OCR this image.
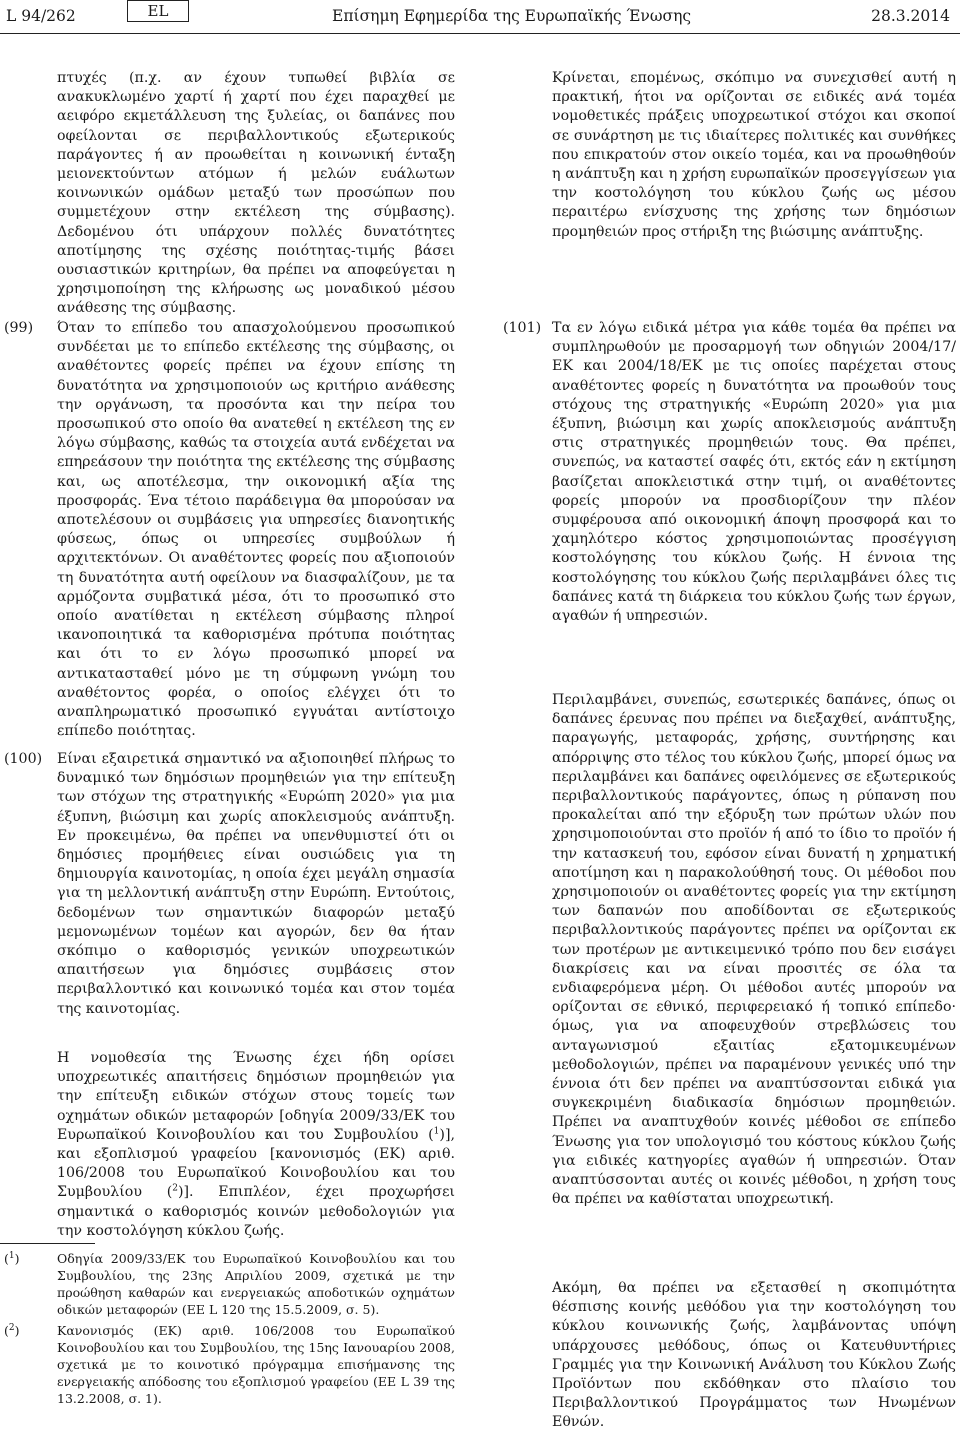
L 94/262	EL	Επίσημη Εφημερίδα της Ευρωπαϊκής Ένωσης	28.3.2014

πτυχές (π.χ. αν έχουν τυπωθεί βιβλία σε ανακυκλωμένο χαρτί ή χαρτί που έχει παραχθεί με αειφόρο εκμετάλλευση της ξυλείας, οι δαπάνες που οφείλονται σε περιβαλλοντικούς εξωτερικούς παράγοντες ή αν προωθείται η κοινωνική ένταξη μειονεκτούντων ατόμων ή μελών ευάλωτων κοινωνικών ομάδων μεταξύ των προσώπων που συμμετέχουν στην εκτέλεση της σύμβασης). Δεδομένου ότι υπάρχουν πολλές δυνατότητες αποτίμησης της σχέσης ποιότητας-τιμής βάσει ουσιαστικών κριτηρίων, θα πρέπει να αποφεύγεται η χρησιμοποίηση της κλήρωσης ως μοναδικού μέσου ανάθεσης της σύμβασης.

Κρίνεται, επομένως, σκόπιμο να συνεχισθεί αυτή η πρακτική, ήτοι να ορίζονται σε ειδικές ανά τομέα νομοθετικές πράξεις υποχρεωτικοί στόχοι και σκοποί σε συνάρτηση με τις ιδιαίτερες πολιτικές και συνθήκες που επικρατούν στον οικείο τομέα, και να προωθηθούν η ανάπτυξη και η χρήση ευρωπαϊκών προσεγγίσεων για την κοστολόγηση του κύκλου ζωής ως μέσου περαιτέρω ενίσχυσης της χρήσης των δημόσιων προμηθειών προς στήριξη της βιώσιμης ανάπτυξης.

(99) Όταν το επίπεδο του απασχολούμενου προσωπικού συνδέεται με το επίπεδο εκτέλεσης της σύμβασης, οι αναθέτοντες φορείς πρέπει να έχουν επίσης τη δυνατότητα να χρησιμοποιούν ως κριτήριο ανάθεσης την οργάνωση, τα προσόντα και την πείρα του προσωπικού στο οποίο θα ανατεθεί η εκτέλεση της εν λόγω σύμβασης, καθώς τα στοιχεία αυτά ενδέχεται να επηρεάσουν την ποιότητα της εκτέλεσης της σύμβασης και, ως αποτέλεσμα, την οικονομική αξία της προσφοράς. Ένα τέτοιο παράδειγμα θα μπορούσαν να αποτελέσουν οι συμβάσεις για υπηρεσίες διανοητικής φύσεως, όπως οι υπηρεσίες συμβούλων ή αρχιτεκτόνων. Οι αναθέτοντες φορείς που αξιοποιούν τη δυνατότητα αυτή οφείλουν να διασφαλίζουν, με τα αρμόζοντα συμβατικά μέσα, ότι το προσωπικό στο οποίο ανατίθεται η εκτέλεση σύμβασης πληροί ικανοποιητικά τα καθορισμένα πρότυπα ποιότητας και ότι το εν λόγω προσωπικό μπορεί να αντικατασταθεί μόνο με τη σύμφωνη γνώμη του αναθέτοντος φορέα, ο οποίος ελέγχει ότι το αναπληρωματικό προσωπικό εγγυάται αντίστοιχο επίπεδο ποιότητας.

(100) Είναι εξαιρετικά σημαντικό να αξιοποιηθεί πλήρως το δυναμικό των δημόσιων προμηθειών για την επίτευξη των στόχων της στρατηγικής «Ευρώπη 2020» για μια έξυπνη, βιώσιμη και χωρίς αποκλεισμούς ανάπτυξη. Εν προκειμένω, θα πρέπει να υπενθυμιστεί ότι οι δημόσιες προμήθειες είναι ουσιώδεις για τη δημιουργία καινοτομίας, η οποία έχει μεγάλη σημασία για τη μελλοντική ανάπτυξη στην Ευρώπη. Εντούτοις, δεδομένων των σημαντικών διαφορών μεταξύ μεμονωμένων τομέων και αγορών, δεν θα ήταν σκόπιμο ο καθορισμός γενικών υποχρεωτικών απαιτήσεων για δημόσιες συμβάσεις στον περιβαλλοντικό και κοινωνικό τομέα και στον τομέα της καινοτομίας.

Η νομοθεσία της Ένωσης έχει ήδη ορίσει υποχρεωτικές απαιτήσεις δημόσιων προμηθειών για την επίτευξη ειδικών στόχων στους τομείς των οχημάτων οδικών μεταφορών [οδηγία 2009/33/ΕΚ του Ευρωπαϊκού Κοινοβουλίου και του Συμβουλίου ($^1$)], και εξοπλισμού γραφείου [κανονισμός (ΕΚ) αριθ. 106/2008 του Ευρωπαϊκού Κοινοβουλίου και του Συμβουλίου ($^2$)]. Επιπλέον, έχει προχωρήσει σημαντικά ο καθορισμός κοινών μεθοδολογιών για την κοστολόγηση κύκλου ζωής.

(101) Τα εν λόγω ειδικά μέτρα για κάθε τομέα θα πρέπει να συμπληρωθούν με προσαρμογή των οδηγιών 2004/17/ΕΚ και 2004/18/ΕΚ με τις οποίες παρέχεται στους αναθέτοντες φορείς η δυνατότητα να προωθούν τους στόχους της στρατηγικής «Ευρώπη 2020» για μια έξυπνη, βιώσιμη και χωρίς αποκλεισμούς ανάπτυξη στις στρατηγικές προμηθειών τους. Θα πρέπει, συνεπώς, να καταστεί σαφές ότι, εκτός εάν η εκτίμηση βασίζεται αποκλειστικά στην τιμή, οι αναθέτοντες φορείς μπορούν να προσδιορίζουν την πλέον συμφέρουσα από οικονομική άποψη προσφορά και το χαμηλότερο κόστος χρησιμοποιώντας προσέγγιση κοστολόγησης του κύκλου ζωής. Η έννοια της κοστολόγησης του κύκλου ζωής περιλαμβάνει όλες τις δαπάνες κατά τη διάρκεια του κύκλου ζωής των έργων, αγαθών ή υπηρεσιών.

Περιλαμβάνει, συνεπώς, εσωτερικές δαπάνες, όπως οι δαπάνες έρευνας που πρέπει να διεξαχθεί, ανάπτυξης, παραγωγής, μεταφοράς, χρήσης, συντήρησης και απόρριψης στο τέλος του κύκλου ζωής, μπορεί όμως να περιλαμβάνει και δαπάνες οφειλόμενες σε εξωτερικούς περιβαλλοντικούς παράγοντες, όπως η ρύπανση που προκαλείται από την εξόρυξη των πρώτων υλών που χρησιμοποιούνται στο προϊόν ή από το ίδιο το προϊόν ή την κατασκευή του, εφόσον είναι δυνατή η χρηματική αποτίμηση και η παρακολούθησή τους. Οι μέθοδοι που χρησιμοποιούν οι αναθέτοντες φορείς για την εκτίμηση των δαπανών που αποδίδονται σε εξωτερικούς περιβαλλοντικούς παράγοντες πρέπει να ορίζονται εκ των προτέρων με αντικειμενικό τρόπο που δεν εισάγει διακρίσεις και να είναι προσιτές σε όλα τα ενδιαφερόμενα μέρη. Οι μέθοδοι αυτές μπορούν να ορίζονται σε εθνικό, περιφερειακό ή τοπικό επίπεδο· όμως, για να αποφευχθούν στρεβλώσεις του ανταγωνισμού εξαιτίας εξατομικευμένων μεθοδολογιών, πρέπει να παραμένουν γενικές υπό την έννοια ότι δεν πρέπει να αναπτύσσονται ειδικά για συγκεκριμένη διαδικασία δημόσιων προμηθειών. Πρέπει να αναπτυχθούν κοινές μέθοδοι σε επίπεδο Ένωσης για τον υπολογισμό του κόστους κύκλου ζωής για ειδικές κατηγορίες αγαθών ή υπηρεσιών. Όταν αναπτύσσονται αυτές οι κοινές μέθοδοι, η χρήση τους θα πρέπει να καθίσταται υποχρεωτική.

Ακόμη, θα πρέπει να εξετασθεί η σκοπιμότητα θέσπισης κοινής μεθόδου για την κοστολόγηση του κύκλου κοινωνικής ζωής, λαμβάνοντας υπόψη υπάρχουσες μεθόδους, όπως οι Κατευθυντήριες Γραμμές για την Κοινωνική Ανάλυση του Κύκλου Ζωής Προϊόντων που εκδόθηκαν στο πλαίσιο του Περιβαλλοντικού Προγράμματος των Ηνωμένων Εθνών.

($^1$)	Οδηγία 2009/33/ΕΚ του Ευρωπαϊκού Κοινοβουλίου και του Συμβουλίου, της 23ης Απριλίου 2009, σχετικά με την προώθηση καθαρών και ενεργειακώς αποδοτικών οχημάτων οδικών μεταφορών (ΕΕ L 120 της 15.5.2009, σ. 5).
($^2$)	Κανονισμός (ΕΚ) αριθ. 106/2008 του Ευρωπαϊκού Κοινοβουλίου και του Συμβουλίου, της 15ης Ιανουαρίου 2008, σχετικά με το κοινοτικό πρόγραμμα επισήμανσης της ενεργειακής απόδοσης του εξοπλισμού γραφείου (ΕΕ L 39 της 13.2.2008, σ. 1).
